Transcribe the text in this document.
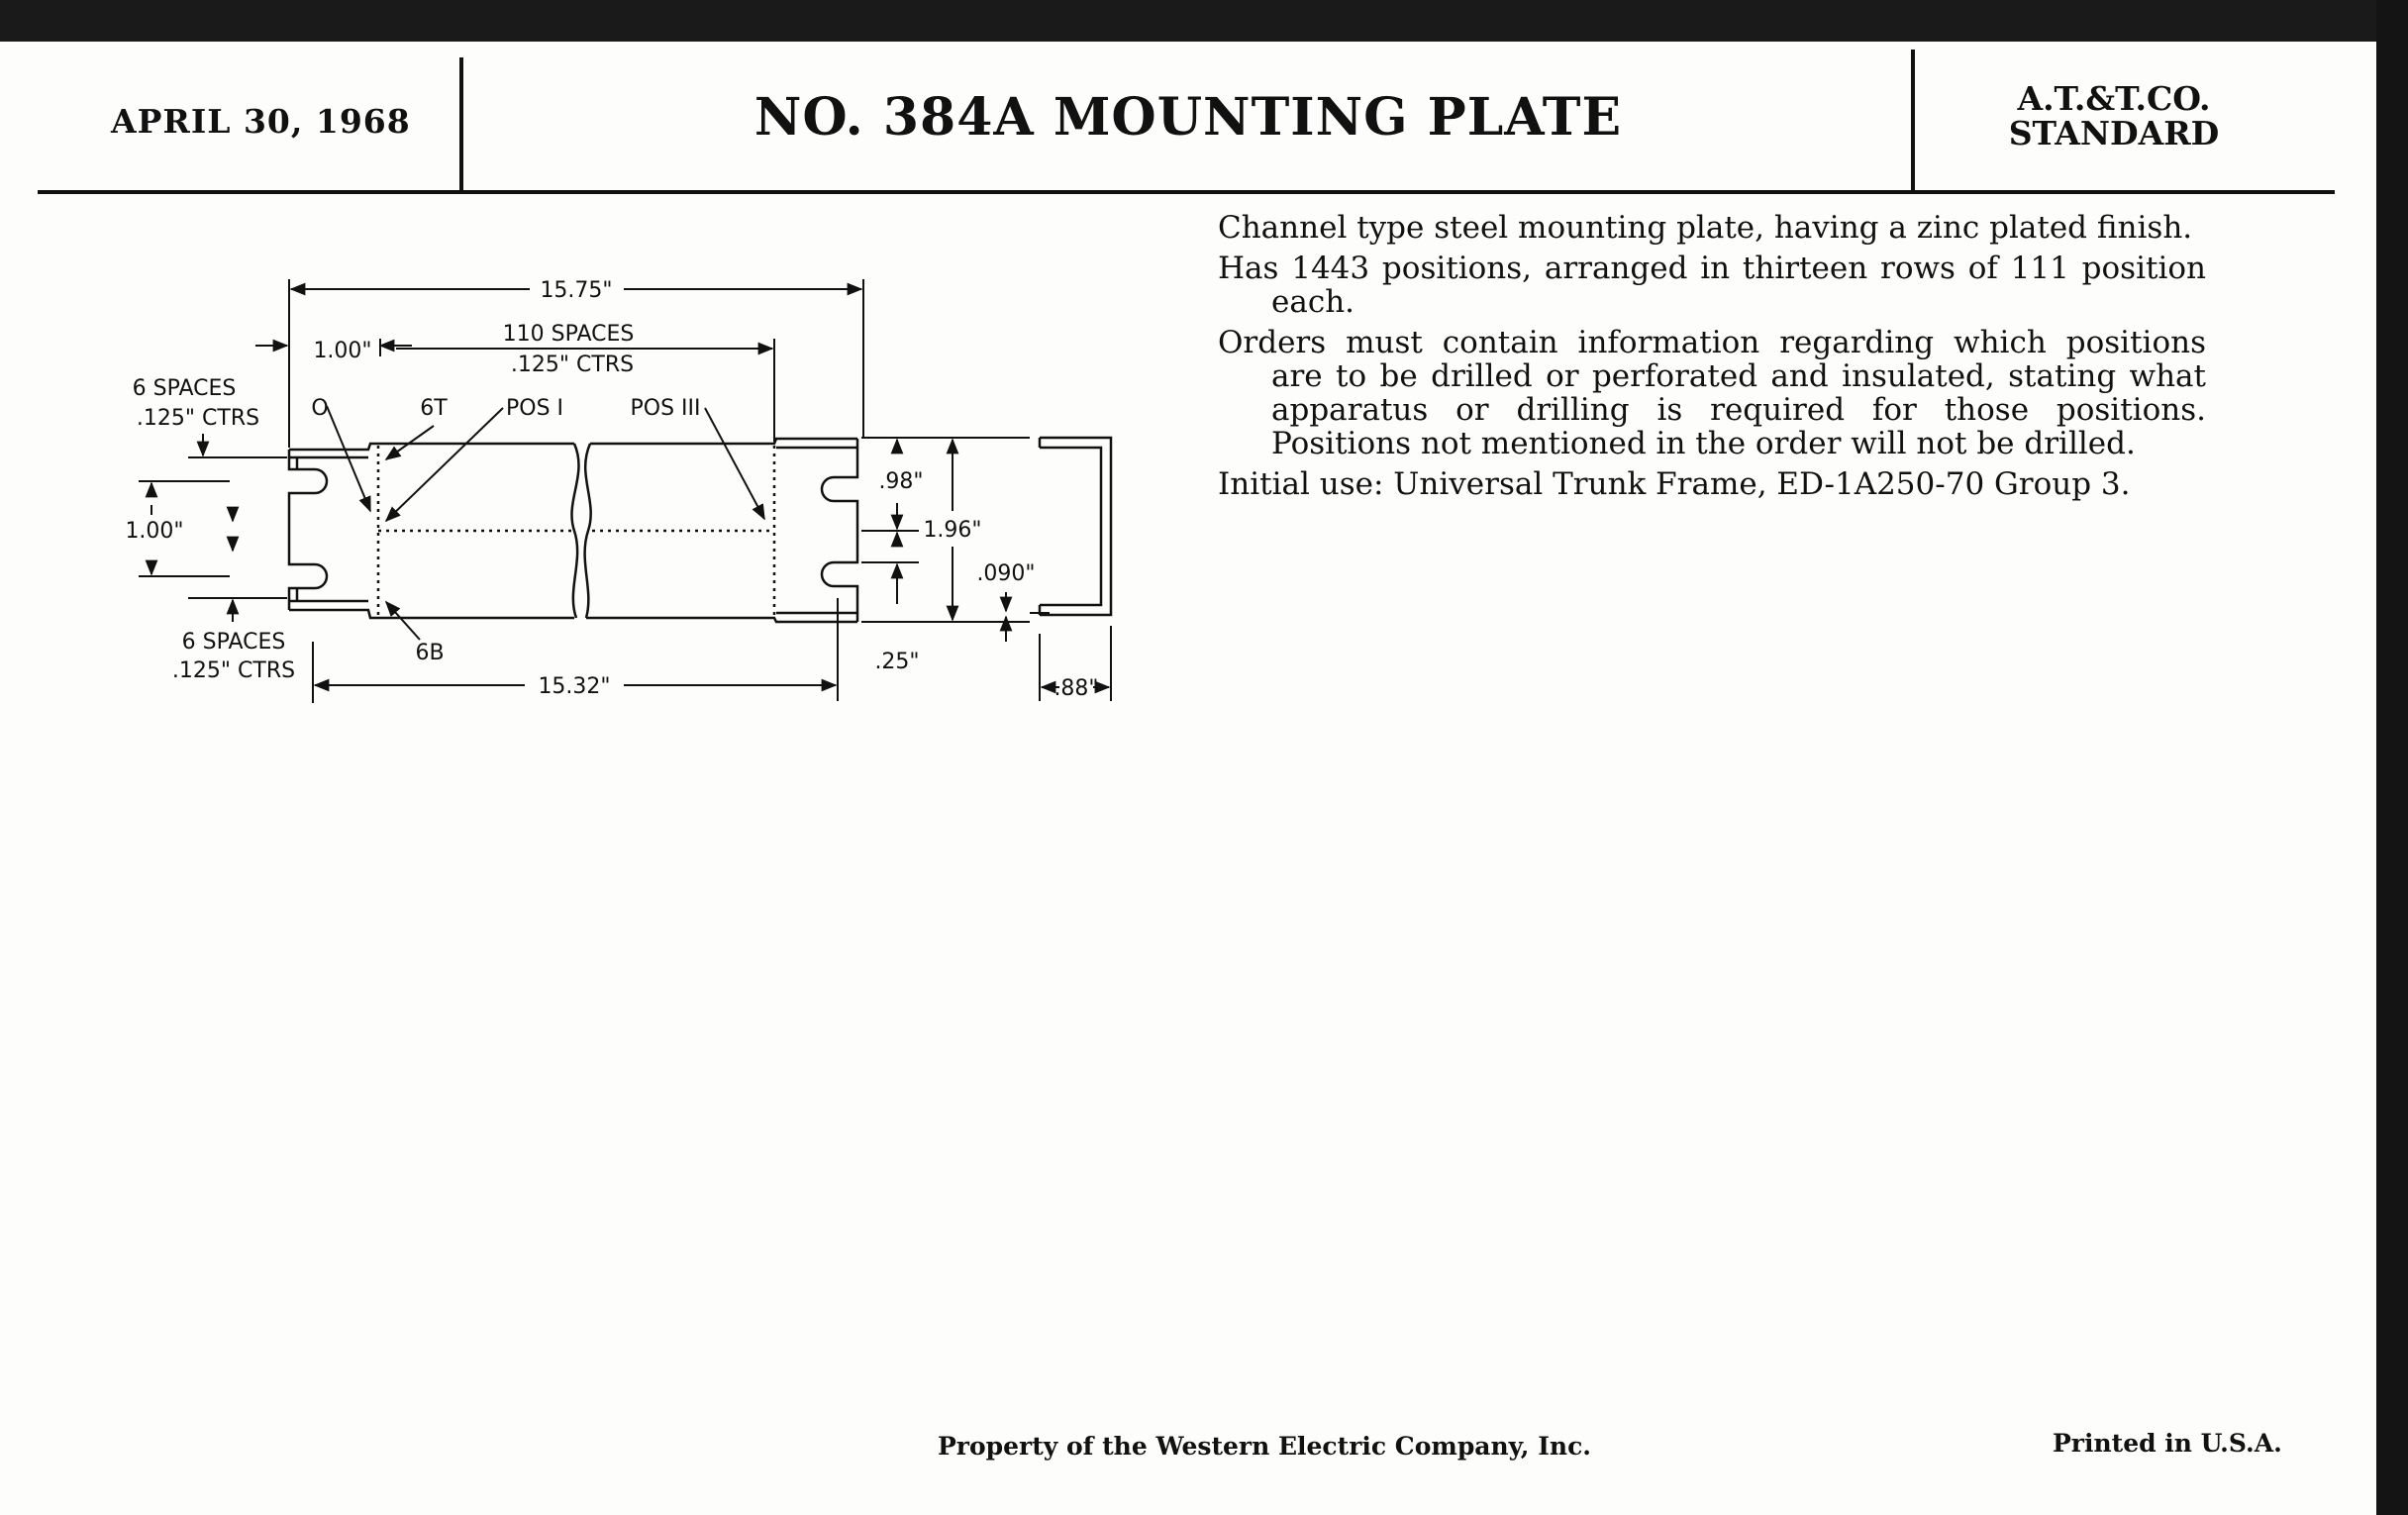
APRIL 30, 1968	NO. 384A MOUNTING PLATE	A.T.&T.CO.
STANDARD

Channel type steel mounting plate, having a zinc plated finish.

Has 1443 positions, arranged in thirteen rows of 111 position each.

Orders must contain information regarding which positions are to be drilled or perforated and insulated, stating what apparatus or drilling is required for those positions. Positions not mentioned in the order will not be drilled.

Initial use: Universal Trunk Frame, ED-1A250-70 Group 3.

15.75"
1.00"
110 SPACES
.125" CTRS
6 SPACES
.125" CTRS
6 SPACES
.125" CTRS
O	6T	POS I	POS III
6B
1.00"
.98"
1.96"
.090"
.25"
15.32"	.88"
Property of the Western Electric Company, Inc.	Printed in U.S.A.
